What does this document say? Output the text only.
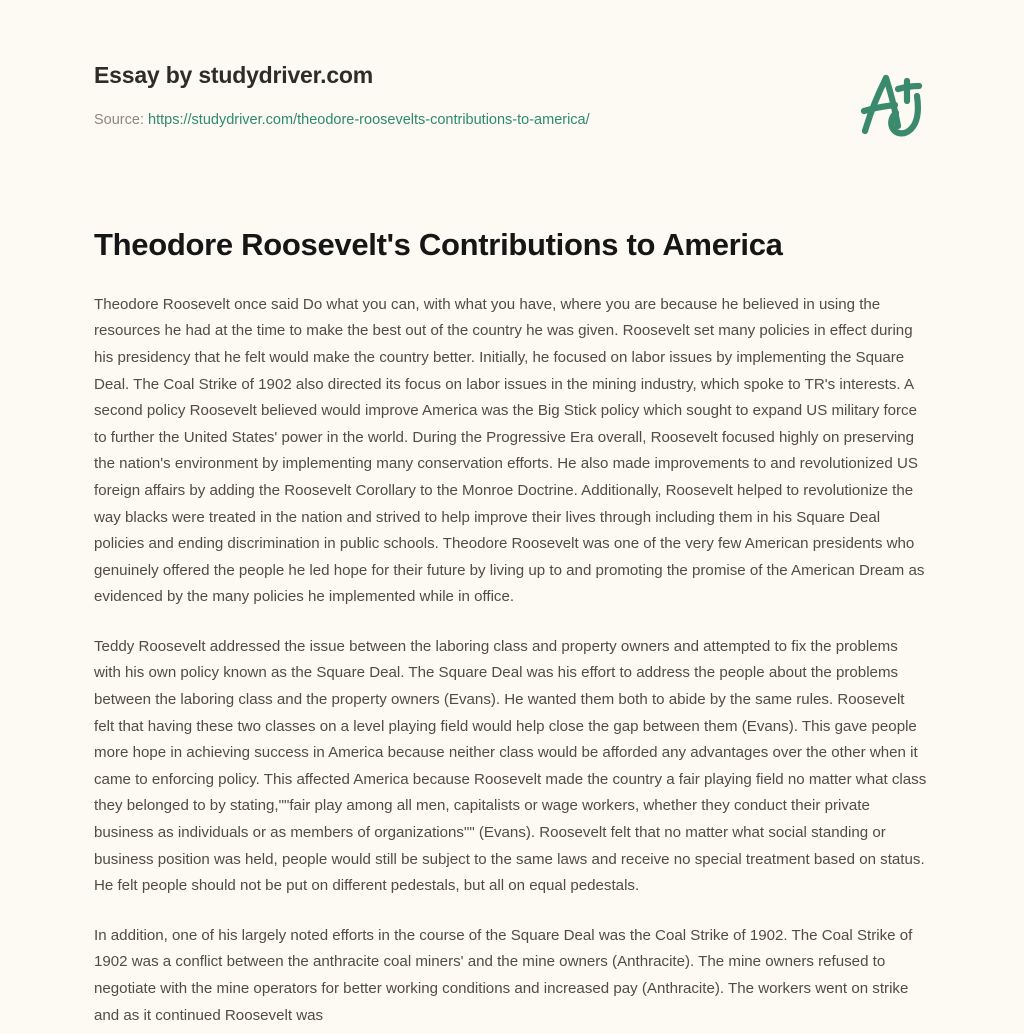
Essay by studydriver.com
Source: https://studydriver.com/theodore-roosevelts-contributions-to-america/
Theodore Roosevelt's Contributions to America

Theodore Roosevelt once said Do what you can, with what you have, where you are because he believed in using the resources he had at the time to make the best out of the country he was given. Roosevelt set many policies in effect during his presidency that he felt would make the country better. Initially, he focused on labor issues by implementing the Square Deal. The Coal Strike of 1902 also directed its focus on labor issues in the mining industry, which spoke to TR's interests. A second policy Roosevelt believed would improve America was the Big Stick policy which sought to expand US military force to further the United States' power in the world. During the Progressive Era overall, Roosevelt focused highly on preserving the nation's environment by implementing many conservation efforts. He also made improvements to and revolutionized US foreign affairs by adding the Roosevelt Corollary to the Monroe Doctrine. Additionally, Roosevelt helped to revolutionize the way blacks were treated in the nation and strived to help improve their lives through including them in his Square Deal policies and ending discrimination in public schools. Theodore Roosevelt was one of the very few American presidents who genuinely offered the people he led hope for their future by living up to and promoting the promise of the American Dream as evidenced by the many policies he implemented while in office.

Teddy Roosevelt addressed the issue between the laboring class and property owners and attempted to fix the problems with his own policy known as the Square Deal. The Square Deal was his effort to address the people about the problems between the laboring class and the property owners (Evans). He wanted them both to abide by the same rules. Roosevelt felt that having these two classes on a level playing field would help close the gap between them (Evans). This gave people more hope in achieving success in America because neither class would be afforded any advantages over the other when it came to enforcing policy. This affected America because Roosevelt made the country a fair playing field no matter what class they belonged to by stating,""fair play among all men, capitalists or wage workers, whether they conduct their private business as individuals or as members of organizations"" (Evans). Roosevelt felt that no matter what social standing or business position was held, people would still be subject to the same laws and receive no special treatment based on status. He felt people should not be put on different pedestals, but all on equal pedestals.

In addition, one of his largely noted efforts in the course of the Square Deal was the Coal Strike of 1902. The Coal Strike of 1902 was a conflict between the anthracite coal miners' and the mine owners (Anthracite). The mine owners refused to negotiate with the mine operators for better working conditions and increased pay (Anthracite). The workers went on strike and as it continued Roosevelt was
